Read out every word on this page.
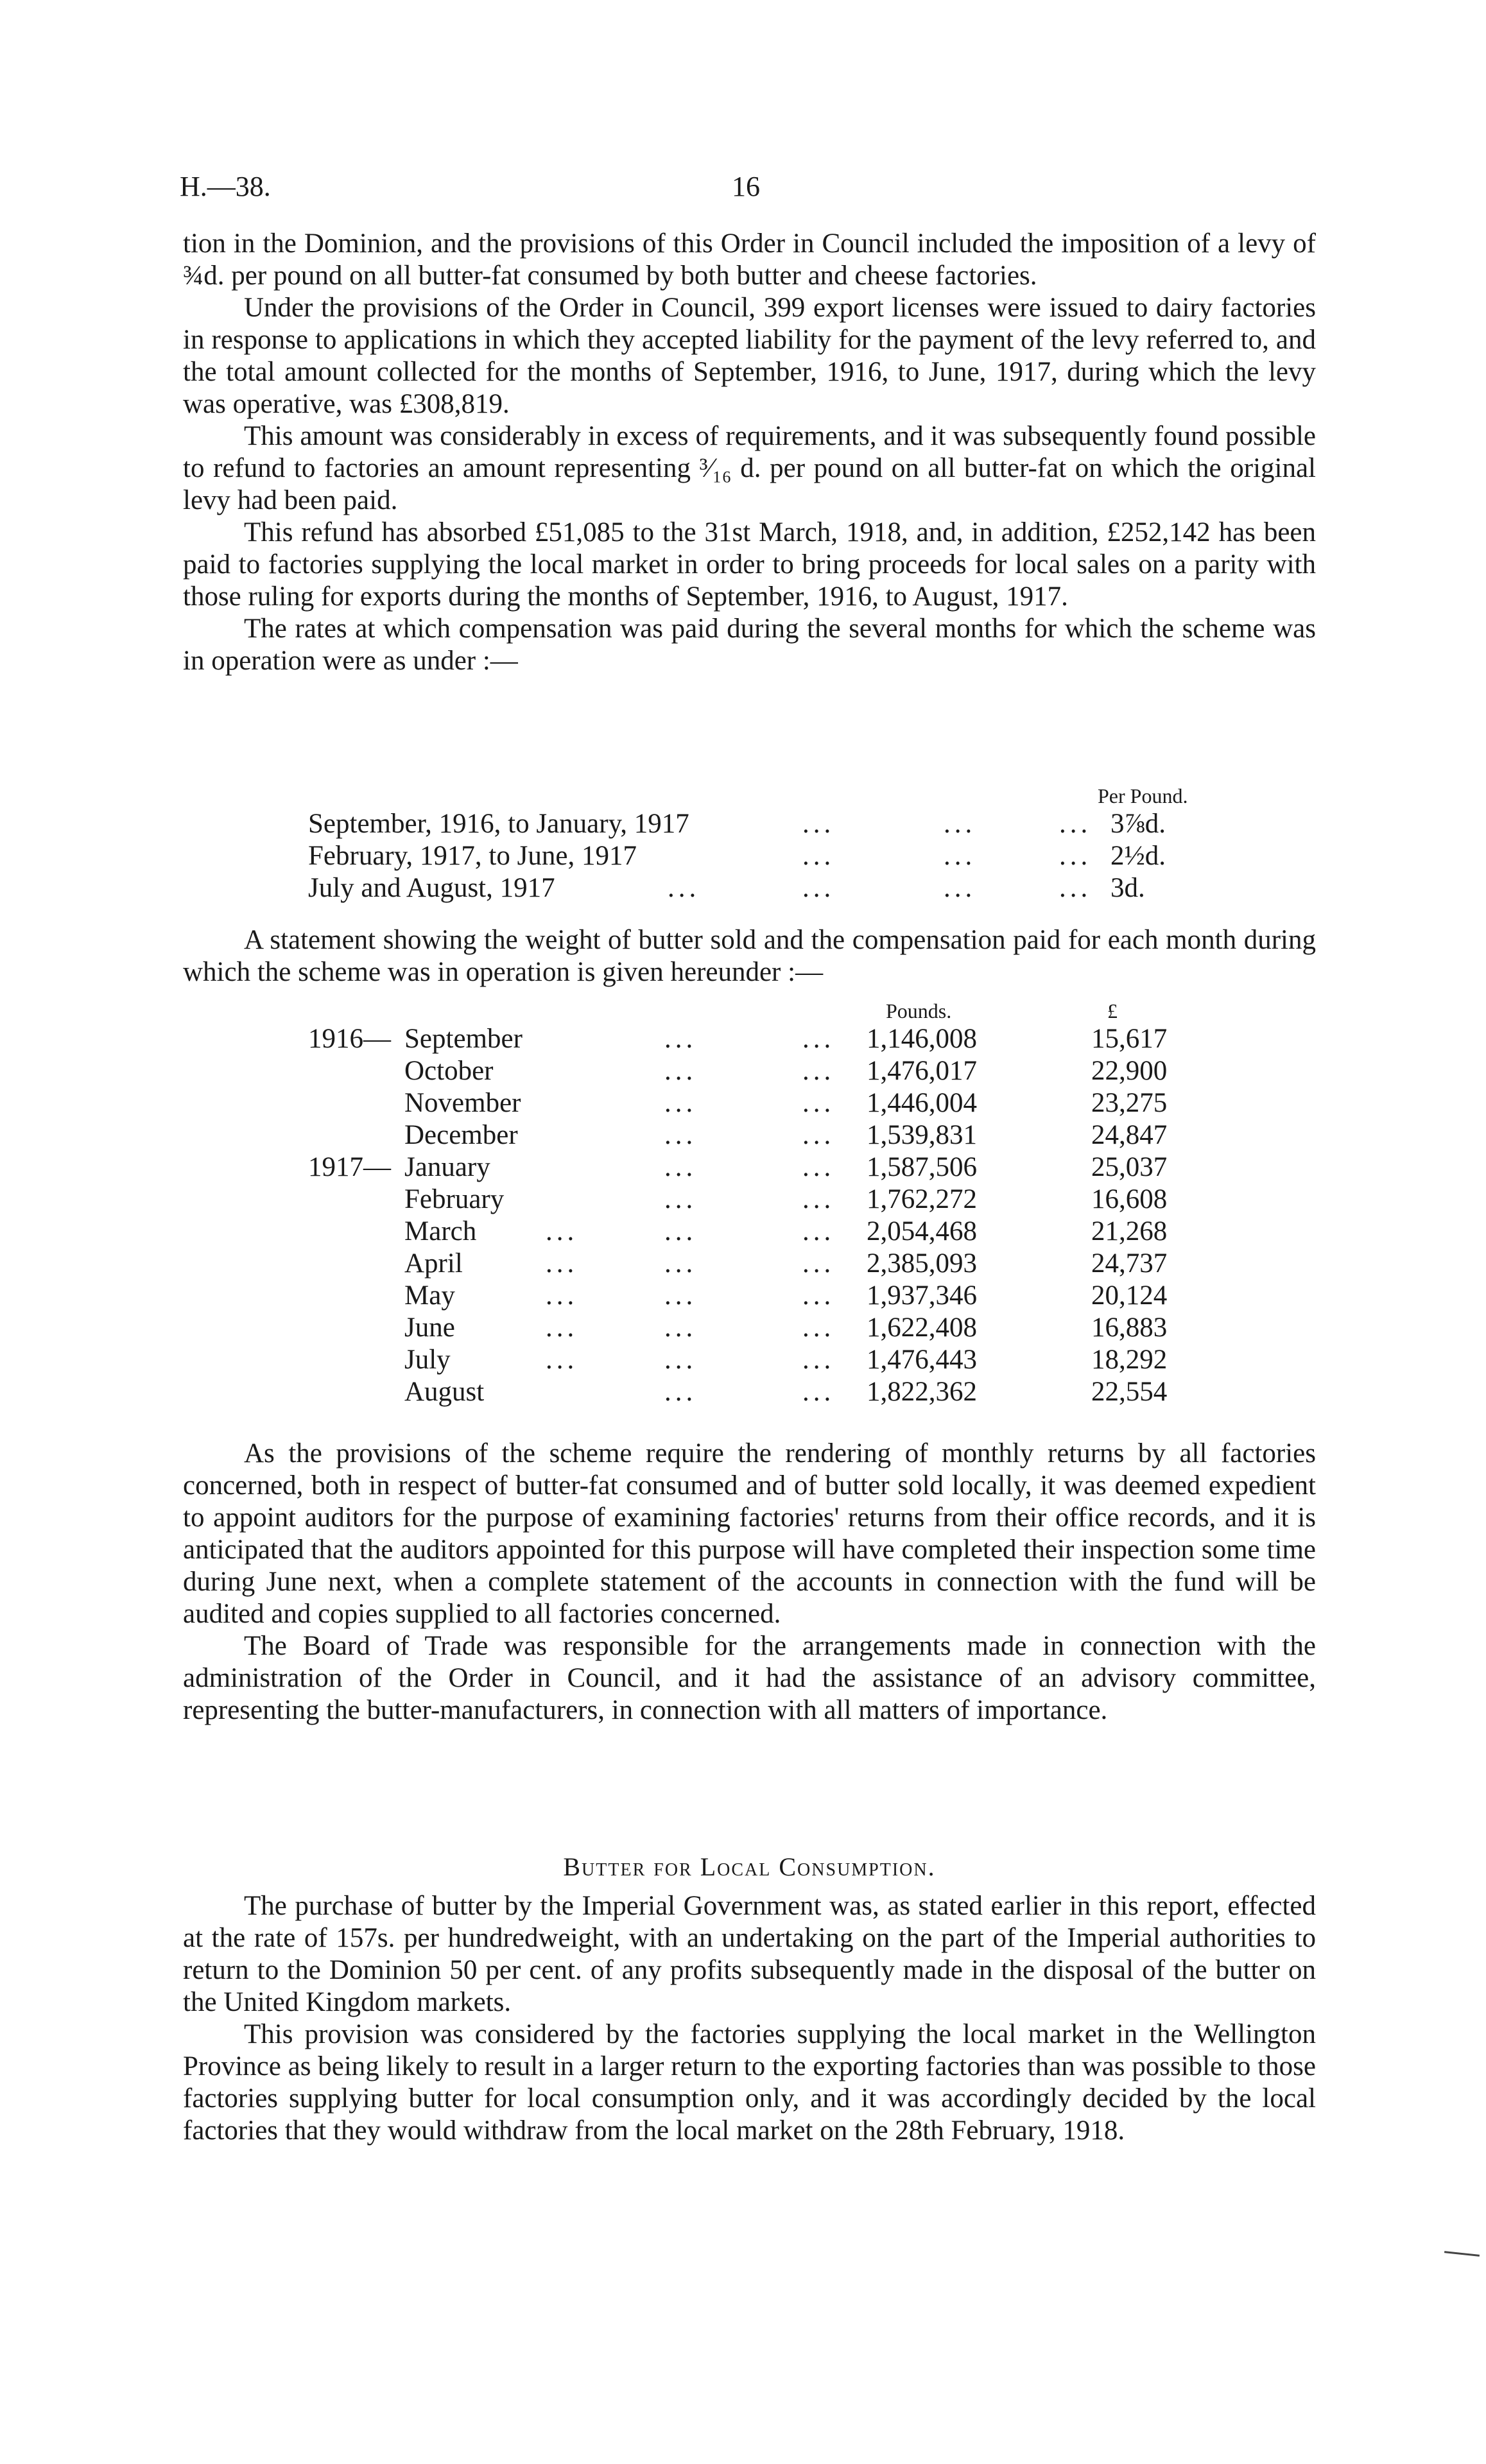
H.—38.	16

tion in the Dominion, and the provisions of this Order in Council included the imposition of a levy of ¾d. per pound on all butter-fat consumed by both butter and cheese factories.

Under the provisions of the Order in Council, 399 export licenses were issued to dairy factories in response to applications in which they accepted liability for the payment of the levy referred to, and the total amount collected for the months of September, 1916, to June, 1917, during which the levy was operative, was £308,819.

This amount was considerably in excess of requirements, and it was subsequently found possible to refund to factories an amount representing ³⁄₁₆ d. per pound on all butter-fat on which the original levy had been paid.

This refund has absorbed £51,085 to the 31st March, 1918, and, in addition, £252,142 has been paid to factories supplying the local market in order to bring proceeds for local sales on a parity with those ruling for exports during the months of September, 1916, to August, 1917.

The rates at which compensation was paid during the several months for which the scheme was in operation were as under :—

Per Pound.
September, 1916, to January, 1917	...	...	... 3⅞d.
February, 1917, to June, 1917	...	...	... 2½d.
July and August, 1917	...	...	...	... 3d.

A statement showing the weight of butter sold and the compensation paid for each month during which the scheme was in operation is given hereunder :—

Pounds.	£
1916— September	...	... 1,146,008	15,617
October	...	... 1,476,017	22,900
November	...	... 1,446,004	23,275
December	...	... 1,539,831	24,847
1917— January	...	... 1,587,506	25,037
February	...	... 1,762,272	16,608
March	...	...	... 2,054,468	21,268
April	...	...	... 2,385,093	24,737
May	...	...	... 1,937,346	20,124
June	...	...	... 1,622,408	16,883
July	...	...	... 1,476,443	18,292
August	...	... 1,822,362	22,554

As the provisions of the scheme require the rendering of monthly returns by all factories concerned, both in respect of butter-fat consumed and of butter sold locally, it was deemed expedient to appoint auditors for the purpose of examining factories' returns from their office records, and it is anticipated that the auditors appointed for this purpose will have completed their inspection some time during June next, when a complete statement of the accounts in connection with the fund will be audited and copies supplied to all factories concerned.

The Board of Trade was responsible for the arrangements made in connection with the administration of the Order in Council, and it had the assistance of an advisory committee, representing the butter-manufacturers, in connection with all matters of importance.

Butter for Local Consumption.

The purchase of butter by the Imperial Government was, as stated earlier in this report, effected at the rate of 157s. per hundredweight, with an undertaking on the part of the Imperial authorities to return to the Dominion 50 per cent. of any profits subsequently made in the disposal of the butter on the United Kingdom markets.

This provision was considered by the factories supplying the local market in the Wellington Province as being likely to result in a larger return to the exporting factories than was possible to those factories supplying butter for local consumption only, and it was accordingly decided by the local factories that they would withdraw from the local market on the 28th February, 1918.
